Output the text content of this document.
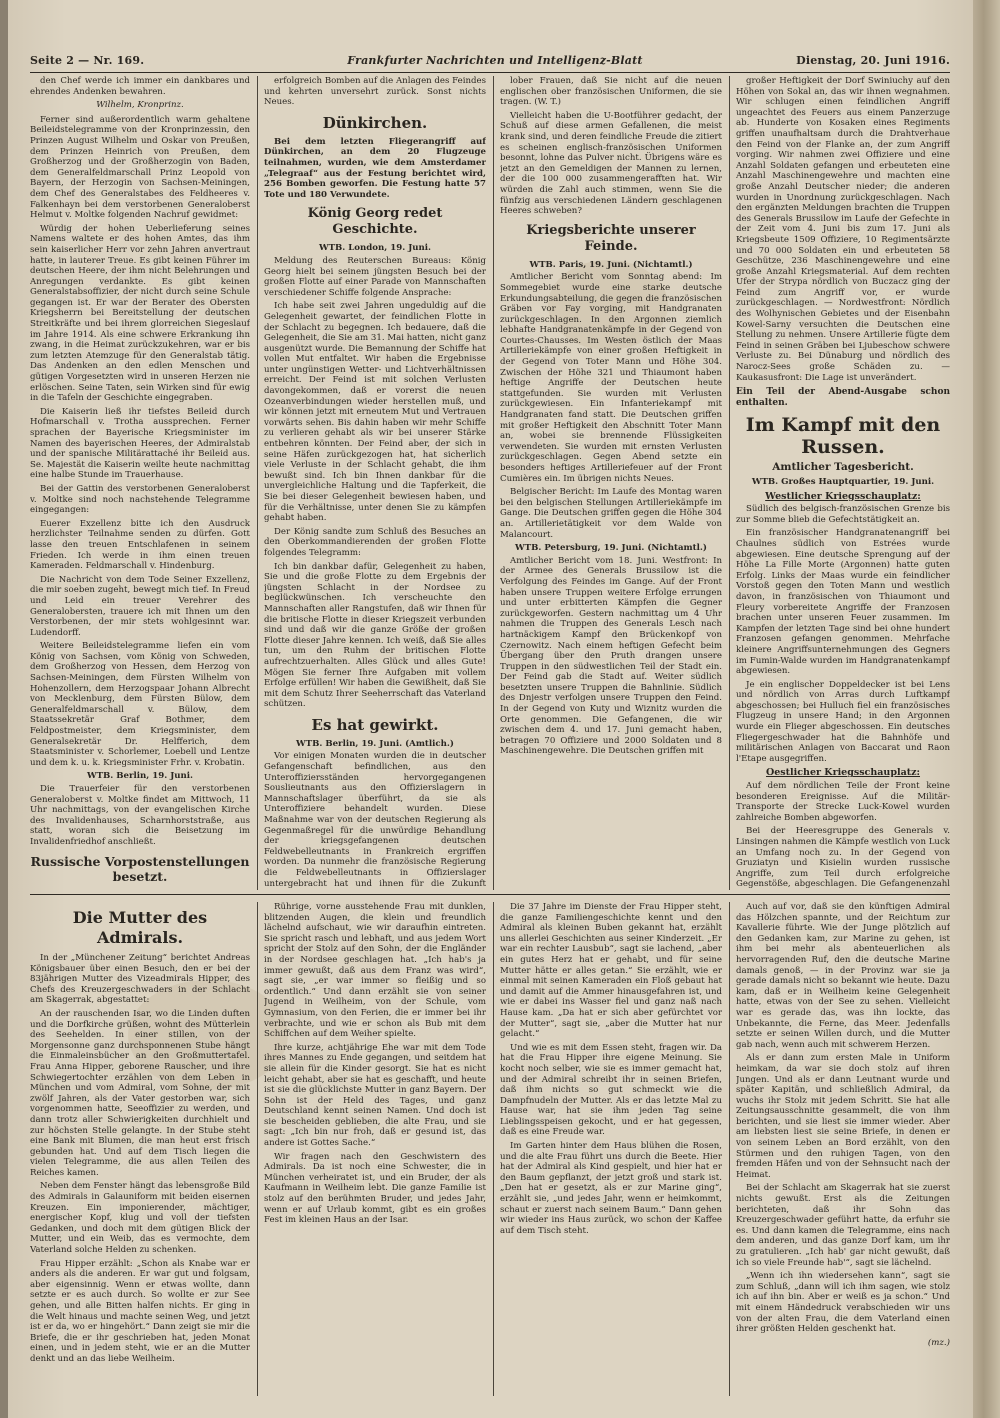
Seite 2 — Nr. 169.	Frankfurter Nachrichten und Intelligenz-Blatt	Dienstag, 20. Juni 1916.

den Chef werde ich immer ein dankbares und ehrendes Andenken bewahren.

Wilhelm, Kronprinz.

Ferner sind außerordentlich warm gehaltene Beileidstelegramme von der Kronprinzessin, den Prinzen August Wilhelm und Oskar von Preußen, dem Prinzen Heinrich von Preußen, dem Großherzog und der Großherzogin von Baden, dem Generalfeldmarschall Prinz Leopold von Bayern, der Herzogin von Sachsen-Meiningen, dem Chef des Generalstabes des Feldheeres v. Falkenhayn bei dem verstorbenen Generaloberst Helmut v. Moltke folgenden Nachruf gewidmet:

Würdig der hohen Ueberlieferung seines Namens waltete er des hohen Amtes, das ihm sein kaiserlicher Herr vor zehn Jahren anvertraut hatte, in lauterer Treue. Es gibt keinen Führer im deutschen Heere, der ihm nicht Belehrungen und Anregungen verdankte. Es gibt keinen Generalstabsoffizier, der nicht durch seine Schule gegangen ist. Er war der Berater des Obersten Kriegsherrn bei Bereitstellung der deutschen Streitkräfte und bei ihrem glorreichen Siegeslauf im Jahre 1914. Als eine schwere Erkrankung ihn zwang, in die Heimat zurückzukehren, war er bis zum letzten Atemzuge für den Generalstab tätig. Das Andenken an den edlen Menschen und gütigen Vorgesetzten wird in unseren Herzen nie erlöschen. Seine Taten, sein Wirken sind für ewig in die Tafeln der Geschichte eingegraben.

Die Kaiserin ließ ihr tiefstes Beileid durch Hofmarschall v. Trotha aussprechen. Ferner sprachen der Bayerische Kriegsminister im Namen des bayerischen Heeres, der Admiralstab und der spanische Militärattaché ihr Beileid aus. Se. Majestät die Kaiserin weilte heute nachmittag eine halbe Stunde im Trauerhause.

Bei der Gattin des verstorbenen Generaloberst v. Moltke sind noch nachstehende Telegramme eingegangen:

Euerer Exzellenz bitte ich den Ausdruck herzlichster Teilnahme senden zu dürfen. Gott lasse den treuen Entschlafenen in seinem Frieden. Ich werde in ihm einen treuen Kameraden. Feldmarschall v. Hindenburg.

Die Nachricht von dem Tode Seiner Exzellenz, die mir soeben zugeht, bewegt mich tief. In Freud und Leid ein treuer Verehrer des Generalobersten, trauere ich mit Ihnen um den Verstorbenen, der mir stets wohlgesinnt war. Ludendorff.

Weitere Beileidstelegramme liefen ein vom König von Sachsen, vom König von Schweden, dem Großherzog von Hessen, dem Herzog von Sachsen-Meiningen, dem Fürsten Wilhelm von Hohenzollern, dem Herzogspaar Johann Albrecht von Mecklenburg, dem Fürsten Bülow, dem Generalfeldmarschall v. Bülow, dem Staatssekretär Graf Bothmer, dem Feldpostmeister, dem Kriegsminister, dem Generalsekretär Dr. Helfferich, dem Staatsminister v. Schorlemer, Loebell und Lentze und dem k. u. k. Kriegsminister Frhr. v. Krobatin.

WTB. Berlin, 19. Juni.

Die Trauerfeier für den verstorbenen Generaloberst v. Moltke findet am Mittwoch, 11 Uhr nachmittags, von der evangelischen Kirche des Invalidenhauses, Scharnhorststraße, aus statt, woran sich die Beisetzung im Invalidenfriedhof anschließt.

Russische Vorpostenstellungen besetzt.

erfolgreich Bomben auf die Anlagen des Feindes und kehrten unversehrt zurück. Sonst nichts Neues.

Dünkirchen.

Bei dem letzten Fliegerangriff auf Dünkirchen, an dem 20 Flugzeuge teilnahmen, wurden, wie dem Amsterdamer „Telegraaf“ aus der Festung berichtet wird, 256 Bomben geworfen. Die Festung hatte 57 Tote und 180 Verwundete.

König Georg redet Geschichte.
WTB. London, 19. Juni.

Meldung des Reuterschen Bureaus: König Georg hielt bei seinem jüngsten Besuch bei der großen Flotte auf einer Parade von Mannschaften verschiedener Schiffe folgende Ansprache:

Ich habe seit zwei Jahren ungeduldig auf die Gelegenheit gewartet, der feindlichen Flotte in der Schlacht zu begegnen. Ich bedauere, daß die Gelegenheit, die Sie am 31. Mai hatten, nicht ganz ausgenützt wurde. Die Bemannung der Schiffe hat vollen Mut entfaltet. Wir haben die Ergebnisse unter ungünstigen Wetter- und Lichtverhältnissen erreicht. Der Feind ist mit solchen Verlusten davongekommen, daß er vorerst die neuen Ozeanverbindungen wieder herstellen muß, und wir können jetzt mit erneutem Mut und Vertrauen vorwärts sehen. Bis dahin haben wir mehr Schiffe zu verlieren gehabt als wir bei unserer Stärke entbehren könnten. Der Feind aber, der sich in seine Häfen zurückgezogen hat, hat sicherlich viele Verluste in der Schlacht gehabt, die ihm bewußt sind. Ich bin Ihnen dankbar für die unvergleichliche Haltung und die Tapferkeit, die Sie bei dieser Gelegenheit bewiesen haben, und für die Verhältnisse, unter denen Sie zu kämpfen gehabt haben.

Der König sandte zum Schluß des Besuches an den Oberkommandierenden der großen Flotte folgendes Telegramm:

Ich bin dankbar dafür, Gelegenheit zu haben, Sie und die große Flotte zu dem Ergebnis der jüngsten Schlacht in der Nordsee zu beglückwünschen. Ich verscheuchte den Mannschaften aller Rangstufen, daß wir Ihnen für die britische Flotte in dieser Kriegszeit verbunden sind und daß wir die ganze Größe der großen Flotte dieser Jahre kennen. Ich weiß, daß Sie alles tun, um den Ruhm der britischen Flotte aufrechtzuerhalten. Alles Glück und alles Gute! Mögen Sie ferner Ihre Aufgaben mit vollem Erfolge erfüllen! Wir haben die Gewißheit, daß Sie mit dem Schutz Ihrer Seeherrschaft das Vaterland schützen.

Es hat gewirkt.
WTB. Berlin, 19. Juni. (Amtlich.)

Vor einigen Monaten wurden die in deutscher Gefangenschaft befindlichen, aus den Unteroffiziersständen hervorgegangenen Souslieutnants aus den Offizierslagern in Mannschaftslager überführt, da sie als Unteroffiziere behandelt wurden. Diese Maßnahme war von der deutschen Regierung als Gegenmaßregel für die unwürdige Behandlung der kriegsgefangenen deutschen Feldwebelleutnants in Frankreich ergriffen worden. Da nunmehr die französische Regierung die Feldwebelleutnants in Offizierslager untergebracht hat und ihnen für die Zukunft

lober Frauen, daß Sie nicht auf die neuen englischen ober französischen Uniformen, die sie tragen. (W. T.)

Vielleicht haben die U-Bootführer gedacht, der Schuß auf diese armen Gefallenen, die meist krank sind, und deren feindliche Freude die zitiert es scheinen englisch-französischen Uniformen besonnt, lohne das Pulver nicht. Übrigens wäre es jetzt an den Gemeldigen der Mannen zu lernen, der die 100 000 zusammengerafften hat. Wir würden die Zahl auch stimmen, wenn Sie die fünfzig aus verschiedenen Ländern geschlagenen Heeres schweben?

Kriegsberichte unserer Feinde.
WTB. Paris, 19. Juni. (Nichtamtl.)

Amtlicher Bericht vom Sonntag abend: Im Sommegebiet wurde eine starke deutsche Erkundungsabteilung, die gegen die französischen Gräben vor Fay vorging, mit Handgranaten zurückgeschlagen. In den Argonnen ziemlich lebhafte Handgranatenkämpfe in der Gegend von Courtes-Chausses. Im Westen östlich der Maas Artilleriekämpfe von einer großen Heftigkeit in der Gegend von Toter Mann und Höhe 304. Zwischen der Höhe 321 und Thiaumont haben heftige Angriffe der Deutschen heute stattgefunden. Sie wurden mit Verlusten zurückgewiesen. Ein Infanteriekampf mit Handgranaten fand statt. Die Deutschen griffen mit großer Heftigkeit den Abschnitt Toter Mann an, wobei sie brennende Flüssigkeiten verwendeten. Sie wurden mit ernsten Verlusten zurückgeschlagen. Gegen Abend setzte ein besonders heftiges Artilleriefeuer auf der Front Cumières ein. Im übrigen nichts Neues.

Belgischer Bericht: Im Laufe des Montag waren bei den belgischen Stellungen Artilleriekämpfe im Gange. Die Deutschen griffen gegen die Höhe 304 an. Artillerietätigkeit vor dem Walde von Malancourt.

WTB. Petersburg, 19. Juni. (Nichtamtl.)

Amtlicher Bericht vom 18. Juni. Westfront: In der Armee des Generals Brussilow ist die Verfolgung des Feindes im Gange. Auf der Front haben unsere Truppen weitere Erfolge errungen und unter erbitterten Kämpfen die Gegner zurückgeworfen. Gestern nachmittag um 4 Uhr nahmen die Truppen des Generals Lesch nach hartnäckigem Kampf den Brückenkopf von Czernowitz. Nach einem heftigen Gefecht beim Übergang über den Pruth drangen unsere Truppen in den südwestlichen Teil der Stadt ein. Der Feind gab die Stadt auf. Weiter südlich besetzten unsere Truppen die Bahnlinie. Südlich des Dnjestr verfolgen unsere Truppen den Feind. In der Gegend von Kuty und Wiznitz wurden die Orte genommen. Die Gefangenen, die wir zwischen dem 4. und 17. Juni gemacht haben, betragen 70 Offiziere und 2000 Soldaten und 8 Maschinengewehre. Die Deutschen griffen mit

großer Heftigkeit der Dorf Swiniuchy auf den Höhen von Sokal an, das wir ihnen wegnahmen. Wir schlugen einen feindlichen Angriff ungeachtet des Feuers aus einem Panzerzuge ab. Hunderte von Kosaken eines Regiments griffen unaufhaltsam durch die Drahtverhaue den Feind von der Flanke an, der zum Angriff vorging. Wir nahmen zwei Offiziere und eine Anzahl Soldaten gefangen und erbeuteten eine Anzahl Maschinengewehre und machten eine große Anzahl Deutscher nieder; die anderen wurden in Unordnung zurückgeschlagen. Nach den ergänzten Meldungen brachten die Truppen des Generals Brussilow im Laufe der Gefechte in der Zeit vom 4. Juni bis zum 17. Juni als Kriegsbeute 1509 Offiziere, 10 Regimentsärzte und 70 000 Soldaten ein und erbeuteten 58 Geschütze, 236 Maschinengewehre und eine große Anzahl Kriegsmaterial. Auf dem rechten Ufer der Strypa nördlich von Buczacz ging der Feind zum Angriff vor, er wurde zurückgeschlagen. — Nordwestfront: Nördlich des Wolhynischen Gebietes und der Eisenbahn Kowel-Sarny versuchten die Deutschen eine Stellung zu nehmen. Unsere Artillerie fügte dem Feind in seinen Gräben bei Ljubeschow schwere Verluste zu. Bei Dünaburg und nördlich des Narocz-Sees große Schäden zu. — Kaukasusfront: Die Lage ist unverändert.

Ein Teil der Abend-Ausgabe schon enthalten.
Im Kampf mit den Russen.
Amtlicher Tagesbericht.
WTB. Großes Hauptquartier, 19. Juni.
Westlicher Kriegsschauplatz:

Südlich des belgisch-französischen Grenze bis zur Somme blieb die Gefechtstätigkeit an.

Ein französischer Handgranatenangriff bei Chaulnes südlich von Estrées wurde abgewiesen. Eine deutsche Sprengung auf der Höhe La Fille Morte (Argonnen) hatte guten Erfolg. Links der Maas wurde ein feindlicher Vorstoß gegen den Toten Mann und westlich davon, in französischen von Thiaumont und Fleury vorbereitete Angriffe der Franzosen brachen unter unseren Feuer zusammen. Im Kampfen der letzten Tage sind bei ohne hundert Franzosen gefangen genommen. Mehrfache kleinere Angriffsunternehmungen des Gegners im Fumin-Walde wurden im Handgranatenkampf abgewiesen.

Je ein englischer Doppeldecker ist bei Lens und nördlich von Arras durch Luftkampf abgeschossen; bei Hulluch fiel ein französisches Flugzeug in unsere Hand; in den Argonnen wurde ein Flieger abgeschossen. Ein deutsches Fliegergeschwader hat die Bahnhöfe und militärischen Anlagen von Baccarat und Raon l'Etape ausgegriffen.

Oestlicher Kriegsschauplatz:

Auf dem nördlichen Teile der Front keine besonderen Ereignisse. Auf die Militär-Transporte der Strecke Luck-Kowel wurden zahlreiche Bomben abgeworfen.

Bei der Heeresgruppe des Generals v. Linsingen nahmen die Kämpfe westlich von Luck an Umfang noch zu. In der Gegend von Gruziatyn und Kisielin wurden russische Angriffe, zum Teil durch erfolgreiche Gegenstöße, abgeschlagen. Die Gefangenenzahl

Die Mutter des Admirals.

In der „Münchener Zeitung“ berichtet Andreas Königsbauer über einen Besuch, den er bei der 83jährigen Mutter des Vizeadmirals Hipper, des Chefs des Kreuzergeschwaders in der Schlacht am Skagerrak, abgestattet:

An der rauschenden Isar, wo die Linden duften und die Dorfkirche grüßen, wohnt des Mütterlein des Seehelden. In einer stillen, von der Morgensonne ganz durchsponnenen Stube hängt die Einmaleinsbücher an den Großmuttertafel. Frau Anna Hipper, geborene Rauscher, und ihre Schwiegertochter erzählen von dem Leben in München und vom Admiral, vom Sohne, der mit zwölf Jahren, als der Vater gestorben war, sich vorgenommen hatte, Seeoffizier zu werden, und dann trotz aller Schwierigkeiten durchhielt und zur höchsten Stelle gelangte. In der Stube steht eine Bank mit Blumen, die man heut erst frisch gebunden hat. Und auf dem Tisch liegen die vielen Telegramme, die aus allen Teilen des Reiches kamen.

Neben dem Fenster hängt das lebensgroße Bild des Admirals in Galauniform mit beiden eisernen Kreuzen. Ein imponierender, mächtiger, energischer Kopf, klug und voll der tiefsten Gedanken, und doch mit dem gütigen Blick der Mutter, und ein Weib, das es vermochte, dem Vaterland solche Helden zu schenken.

Frau Hipper erzählt: „Schon als Knabe war er anders als die anderen. Er war gut und folgsam, aber eigensinnig. Wenn er etwas wollte, dann setzte er es auch durch. So wollte er zur See gehen, und alle Bitten halfen nichts. Er ging in die Welt hinaus und machte seinen Weg, und jetzt ist er da, wo er hingehört.“ Dann zeigt sie mir die Briefe, die er ihr geschrieben hat, jeden Monat einen, und in jedem steht, wie er an die Mutter denkt und an das liebe Weilheim.

Rührige, vorne ausstehende Frau mit dunklen, blitzenden Augen, die klein und freundlich lächelnd aufschaut, wie wir daraufhin eintreten. Sie spricht rasch und lebhaft, und aus jedem Wort spricht der Stolz auf den Sohn, der die Engländer in der Nordsee geschlagen hat. „Ich hab's ja immer gewußt, daß aus dem Franz was wird“, sagt sie, „er war immer so fleißig und so ordentlich.“ Und dann erzählt sie von seiner Jugend in Weilheim, von der Schule, vom Gymnasium, von den Ferien, die er immer bei ihr verbrachte, und wie er schon als Bub mit dem Schiffchen auf dem Weiher spielte.

Ihre kurze, achtjährige Ehe war mit dem Tode ihres Mannes zu Ende gegangen, und seitdem hat sie allein für die Kinder gesorgt. Sie hat es nicht leicht gehabt, aber sie hat es geschafft, und heute ist sie die glücklichste Mutter in ganz Bayern. Der Sohn ist der Held des Tages, und ganz Deutschland kennt seinen Namen. Und doch ist sie bescheiden geblieben, die alte Frau, und sie sagt: „Ich bin nur froh, daß er gesund ist, das andere ist Gottes Sache.“

Wir fragen nach den Geschwistern des Admirals. Da ist noch eine Schwester, die in München verheiratet ist, und ein Bruder, der als Kaufmann in Weilheim lebt. Die ganze Familie ist stolz auf den berühmten Bruder, und jedes Jahr, wenn er auf Urlaub kommt, gibt es ein großes Fest im kleinen Haus an der Isar.

Die 37 Jahre im Dienste der Frau Hipper steht, die ganze Familiengeschichte kennt und den Admiral als kleinen Buben gekannt hat, erzählt uns allerlei Geschichten aus seiner Kinderzeit. „Er war ein rechter Lausbub“, sagt sie lachend, „aber ein gutes Herz hat er gehabt, und für seine Mutter hätte er alles getan.“ Sie erzählt, wie er einmal mit seinen Kameraden ein Floß gebaut hat und damit auf die Ammer hinausgefahren ist, und wie er dabei ins Wasser fiel und ganz naß nach Hause kam. „Da hat er sich aber gefürchtet vor der Mutter“, sagt sie, „aber die Mutter hat nur gelacht.“

Und wie es mit dem Essen steht, fragen wir. Da hat die Frau Hipper ihre eigene Meinung. Sie kocht noch selber, wie sie es immer gemacht hat, und der Admiral schreibt ihr in seinen Briefen, daß ihm nichts so gut schmeckt wie die Dampfnudeln der Mutter. Als er das letzte Mal zu Hause war, hat sie ihm jeden Tag seine Lieblingsspeisen gekocht, und er hat gegessen, daß es eine Freude war.

Im Garten hinter dem Haus blühen die Rosen, und die alte Frau führt uns durch die Beete. Hier hat der Admiral als Kind gespielt, und hier hat er den Baum gepflanzt, der jetzt groß und stark ist. „Den hat er gesetzt, als er zur Marine ging“, erzählt sie, „und jedes Jahr, wenn er heimkommt, schaut er zuerst nach seinem Baum.“ Dann gehen wir wieder ins Haus zurück, wo schon der Kaffee auf dem Tisch steht.

Auch auf vor, daß sie den künftigen Admiral das Hölzchen spannte, und der Reichtum zur Kavallerie führte. Wie der Junge plötzlich auf den Gedanken kam, zur Marine zu gehen, ist ihm bei mehr als abenteuerlichen als hervorragenden Ruf, den die deutsche Marine damals genoß, — in der Provinz war sie ja gerade damals nicht so bekannt wie heute. Dazu kam, daß er in Weilheim keine Gelegenheit hatte, etwas von der See zu sehen. Vielleicht war es gerade das, was ihn lockte, das Unbekannte, die Ferne, das Meer. Jedenfalls setzte er seinen Willen durch, und die Mutter gab nach, wenn auch mit schwerem Herzen.

Als er dann zum ersten Male in Uniform heimkam, da war sie doch stolz auf ihren Jungen. Und als er dann Leutnant wurde und später Kapitän, und schließlich Admiral, da wuchs ihr Stolz mit jedem Schritt. Sie hat alle Zeitungsausschnitte gesammelt, die von ihm berichten, und sie liest sie immer wieder. Aber am liebsten liest sie seine Briefe, in denen er von seinem Leben an Bord erzählt, von den Stürmen und den ruhigen Tagen, von den fremden Häfen und von der Sehnsucht nach der Heimat.

Bei der Schlacht am Skagerrak hat sie zuerst nichts gewußt. Erst als die Zeitungen berichteten, daß ihr Sohn das Kreuzergeschwader geführt hatte, da erfuhr sie es. Und dann kamen die Telegramme, eins nach dem anderen, und das ganze Dorf kam, um ihr zu gratulieren. „Ich hab' gar nicht gewußt, daß ich so viele Freunde hab'“, sagt sie lächelnd.

„Wenn ich ihn wiedersehen kann“, sagt sie zum Schluß, „dann will ich ihm sagen, wie stolz ich auf ihn bin. Aber er weiß es ja schon.“ Und mit einem Händedruck verabschieden wir uns von der alten Frau, die dem Vaterland einen ihrer größten Helden geschenkt hat.

(mz.)
